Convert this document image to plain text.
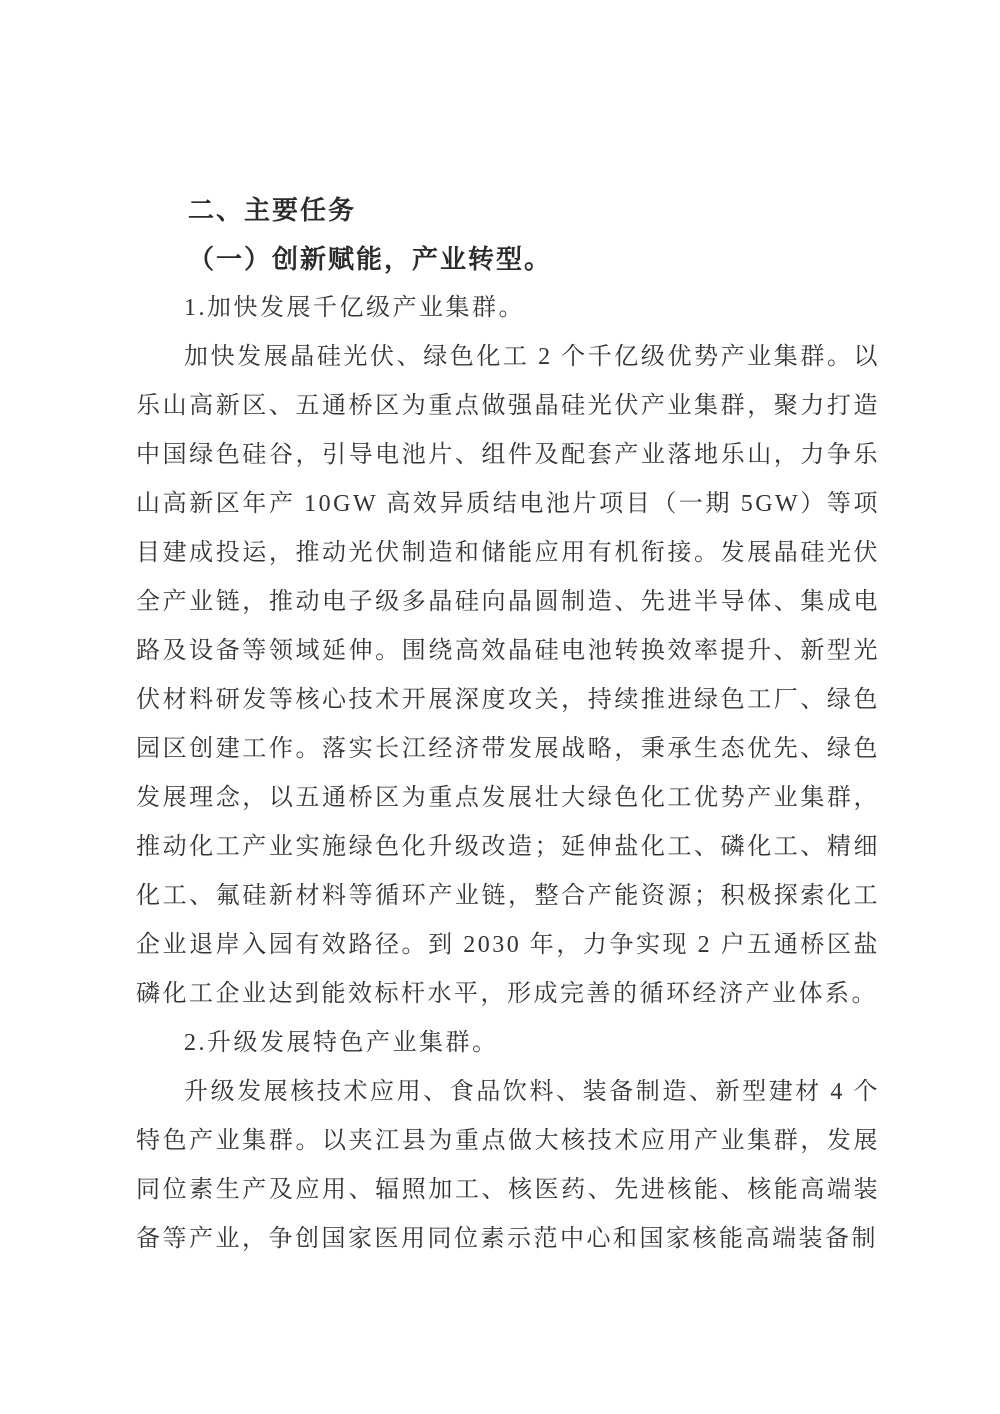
二、主要任务

（一）创新赋能，产业转型。

1.加快发展千亿级产业集群。

加快发展晶硅光伏、绿色化工 2 个千亿级优势产业集群。以乐山高新区、五通桥区为重点做强晶硅光伏产业集群，聚力打造中国绿色硅谷，引导电池片、组件及配套产业落地乐山，力争乐山高新区年产 10GW 高效异质结电池片项目（一期 5GW）等项目建成投运，推动光伏制造和储能应用有机衔接。发展晶硅光伏全产业链，推动电子级多晶硅向晶圆制造、先进半导体、集成电路及设备等领域延伸。围绕高效晶硅电池转换效率提升、新型光伏材料研发等核心技术开展深度攻关，持续推进绿色工厂、绿色园区创建工作。落实长江经济带发展战略，秉承生态优先、绿色发展理念，以五通桥区为重点发展壮大绿色化工优势产业集群，推动化工产业实施绿色化升级改造；延伸盐化工、磷化工、精细化工、氟硅新材料等循环产业链，整合产能资源；积极探索化工企业退岸入园有效路径。到 2030 年，力争实现 2 户五通桥区盐磷化工企业达到能效标杆水平，形成完善的循环经济产业体系。

2.升级发展特色产业集群。

升级发展核技术应用、食品饮料、装备制造、新型建材 4 个特色产业集群。以夹江县为重点做大核技术应用产业集群，发展同位素生产及应用、辐照加工、核医药、先进核能、核能高端装备等产业，争创国家医用同位素示范中心和国家核能高端装备制
